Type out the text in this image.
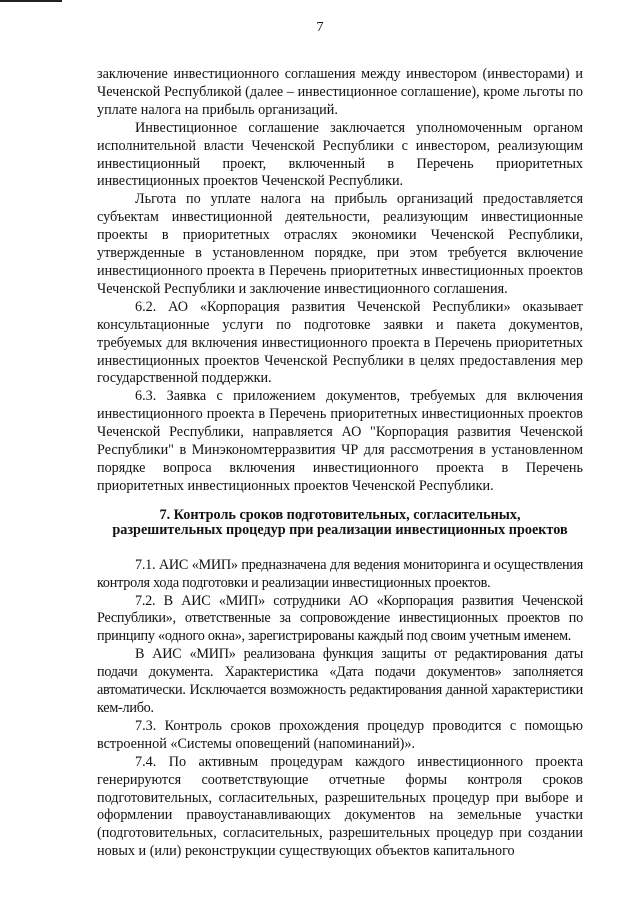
7

заключение инвестиционного соглашения между инвестором (инвесторами) и Чеченской Республикой (далее – инвестиционное соглашение), кроме льготы по уплате налога на прибыль организаций.

Инвестиционное соглашение заключается уполномоченным органом исполнительной власти Чеченской Республики с инвестором, реализующим инвестиционный проект, включенный в Перечень приоритетных инвестиционных проектов Чеченской Республики.

Льгота по уплате налога на прибыль организаций предоставляется субъектам инвестиционной деятельности, реализующим инвестиционные проекты в приоритетных отраслях экономики Чеченской Республики, утвержденные в установленном порядке, при этом требуется включение инвестиционного проекта в Перечень приоритетных инвестиционных проектов Чеченской Республики и заключение инвестиционного соглашения.

6.2. АО «Корпорация развития Чеченской Республики» оказывает консультационные услуги по подготовке заявки и пакета документов, требуемых для включения инвестиционного проекта в Перечень приоритетных инвестиционных проектов Чеченской Республики в целях предоставления мер государственной поддержки.

6.3. Заявка с приложением документов, требуемых для включения инвестиционного проекта в Перечень приоритетных инвестиционных проектов Чеченской Республики, направляется АО "Корпорация развития Чеченской Республики" в Минэкономтерразвития ЧР для рассмотрения в установленном порядке вопроса включения инвестиционного проекта в Перечень приоритетных инвестиционных проектов Чеченской Республики.

7. Контроль сроков подготовительных, согласительных,
разрешительных процедур при реализации инвестиционных проектов

7.1. АИС «МИП» предназначена для ведения мониторинга и осуществления контроля хода подготовки и реализации инвестиционных проектов.

7.2. В АИС «МИП» сотрудники АО «Корпорация развития Чеченской Республики», ответственные за сопровождение инвестиционных проектов по принципу «одного окна», зарегистрированы каждый под своим учетным именем.

В АИС «МИП» реализована функция защиты от редактирования даты подачи документа. Характеристика «Дата подачи документов» заполняется автоматически. Исключается возможность редактирования данной характеристики кем-либо.

7.3. Контроль сроков прохождения процедур проводится с помощью встроенной «Системы оповещений (напоминаний)».

7.4. По активным процедурам каждого инвестиционного проекта генерируются соответствующие отчетные формы контроля сроков подготовительных, согласительных, разрешительных процедур при выборе и оформлении правоустанавливающих документов на земельные участки (подготовительных, согласительных, разрешительных процедур при создании новых и (или) реконструкции существующих объектов капитального
